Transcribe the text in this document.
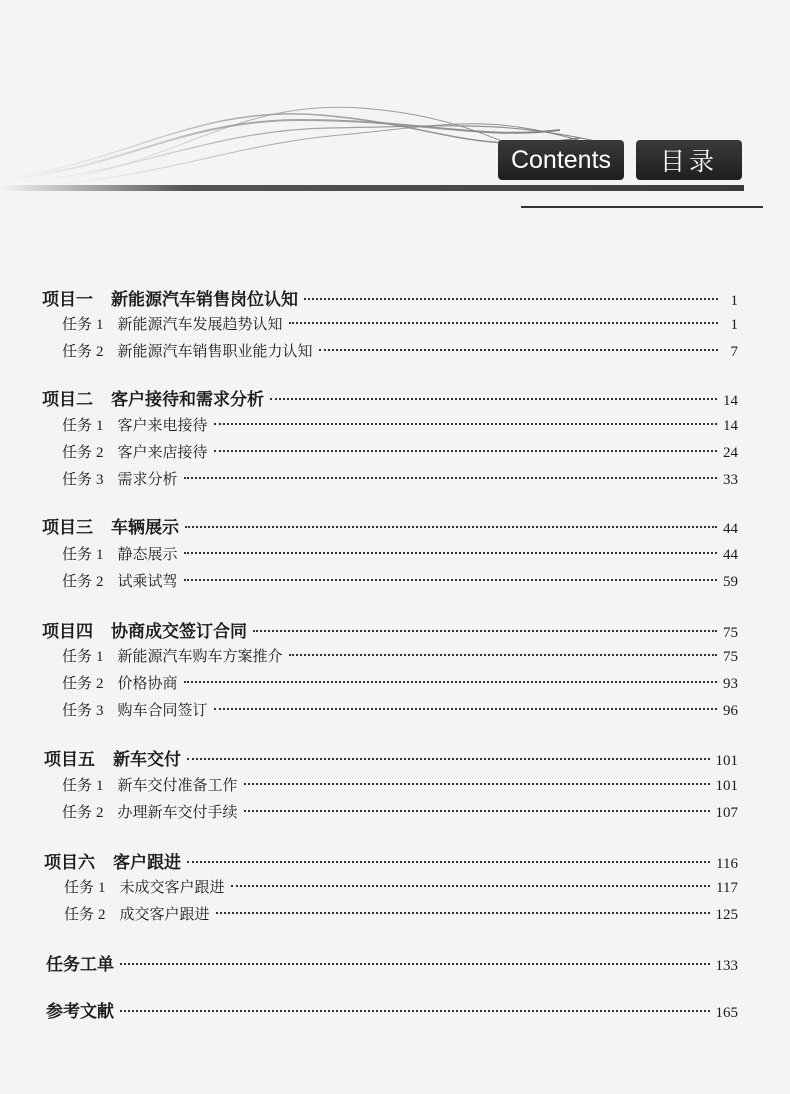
Contents	目录
项目一 新能源汽车销售岗位认知	1
任务 1 新能源汽车发展趋势认知	1
任务 2 新能源汽车销售职业能力认知	7
项目二 客户接待和需求分析	14
任务 1 客户来电接待	14
任务 2 客户来店接待	24
任务 3 需求分析	33
项目三 车辆展示	44
任务 1 静态展示	44
任务 2 试乘试驾	59
项目四 协商成交签订合同	75
任务 1 新能源汽车购车方案推介	75
任务 2 价格协商	93
任务 3 购车合同签订	96
项目五 新车交付	101
任务 1 新车交付准备工作	101
任务 2 办理新车交付手续	107
项目六 客户跟进	116
任务 1 未成交客户跟进	117
任务 2 成交客户跟进	125
任务工单	133
参考文献	165
